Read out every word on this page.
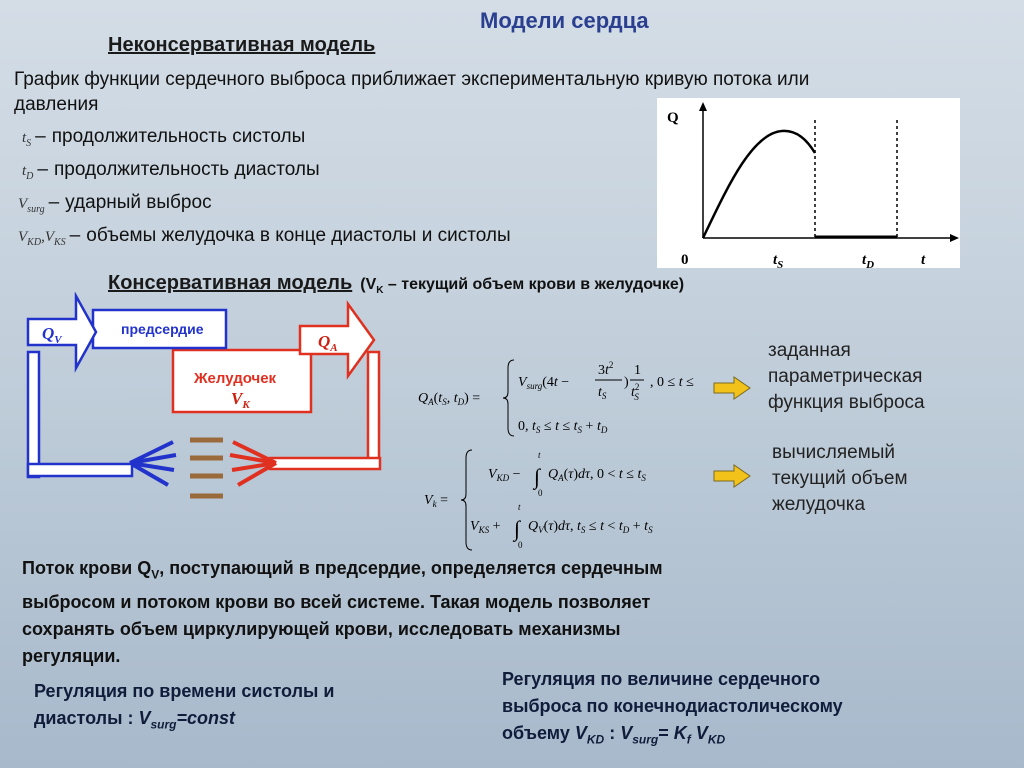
Модели сердца
Неконсервативная модель
График функции сердечного выброса приближает экспериментальную кривую потока или
давления
$t_S$ – продолжительность систолы
$t_D$ – продолжительность диастолы
$V_{surg}$ – ударный выброс
$V_{KD},V_{KS}$ – объемы желудочка в конце диастолы и систолы
Q
0	$t_S$	$t_D$	t
Консервативная модель ($V_K$ – текущий объем крови в желудочке)
Желудочек
$V_K$
предсердие
$Q_V$	$Q_A$
$Q_A(t_S$, $t_D$) =
$V_{surg}(4t$ −
$3t^2$
$t_S$
)
1
$t^2$ S
, 0 ≤ t ≤
0, $t_S \le t \le t_S + t_D$
$V_k$ =
$V_{KD}$ − ∫
t
0
$Q_A(\tau)d\tau$, $0 < t \le t_S$
$V_{KS}$ + ∫
t
0
$Q_V(\tau)d\tau$, $t_S \le t < t_D + t_S$
заданная
параметрическая
функция выброса
вычисляемый
текущий объем
желудочка
Поток крови $Q_V$, поступающий в предсердие, определяется сердечным
выбросом и потоком крови во всей системе. Такая модель позволяет
сохранять объем циркулирующей крови, исследовать механизмы
регуляции.
Регуляция по времени систолы и
диастолы : $V_{surg}=const$
Регуляция по величине сердечного
выброса по конечнодиастолическому
объему $V_{KD}$ : $V_{surg}= K_f$ $V_{KD}$
